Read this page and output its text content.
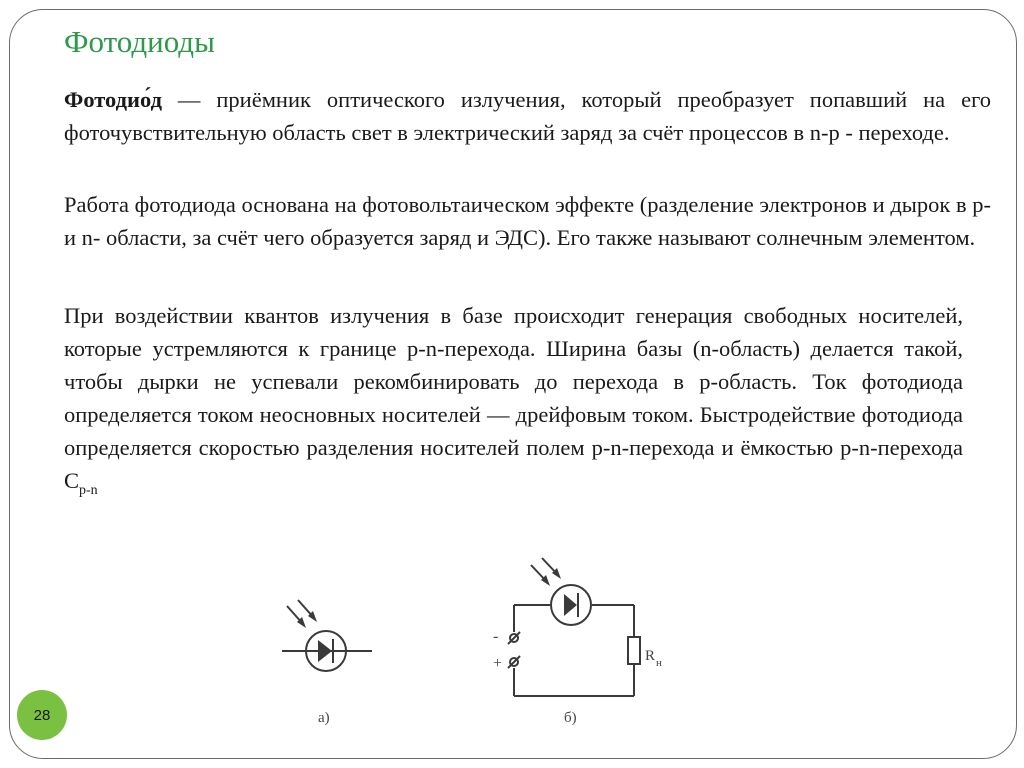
Фотодиоды

Фотодио́д — приёмник оптического излучения, который преобразует попавший на его фоточувствительную область свет в электрический заряд за счёт процессов в n-p - переходе.

Работа фотодиода основана на фотовольтаическом эффекте (разделение электронов и дырок в p- и n- области, за счёт чего образуется заряд и ЭДС). Его также называют солнечным элементом.

При воздействии квантов излучения в базе происходит генерация свободных носителей, которые устремляются к границе p-n-перехода. Ширина базы (n-область) делается такой, чтобы дырки не успевали рекомбинировать до перехода в p-область. Ток фотодиода определяется током неосновных носителей — дрейфовым током. Быстродействие фотодиода определяется скоростью разделения носителей полем p-n-перехода и ёмкостью p-n-перехода $C_{p-n}$

а)
-
+	R н
б)
28
